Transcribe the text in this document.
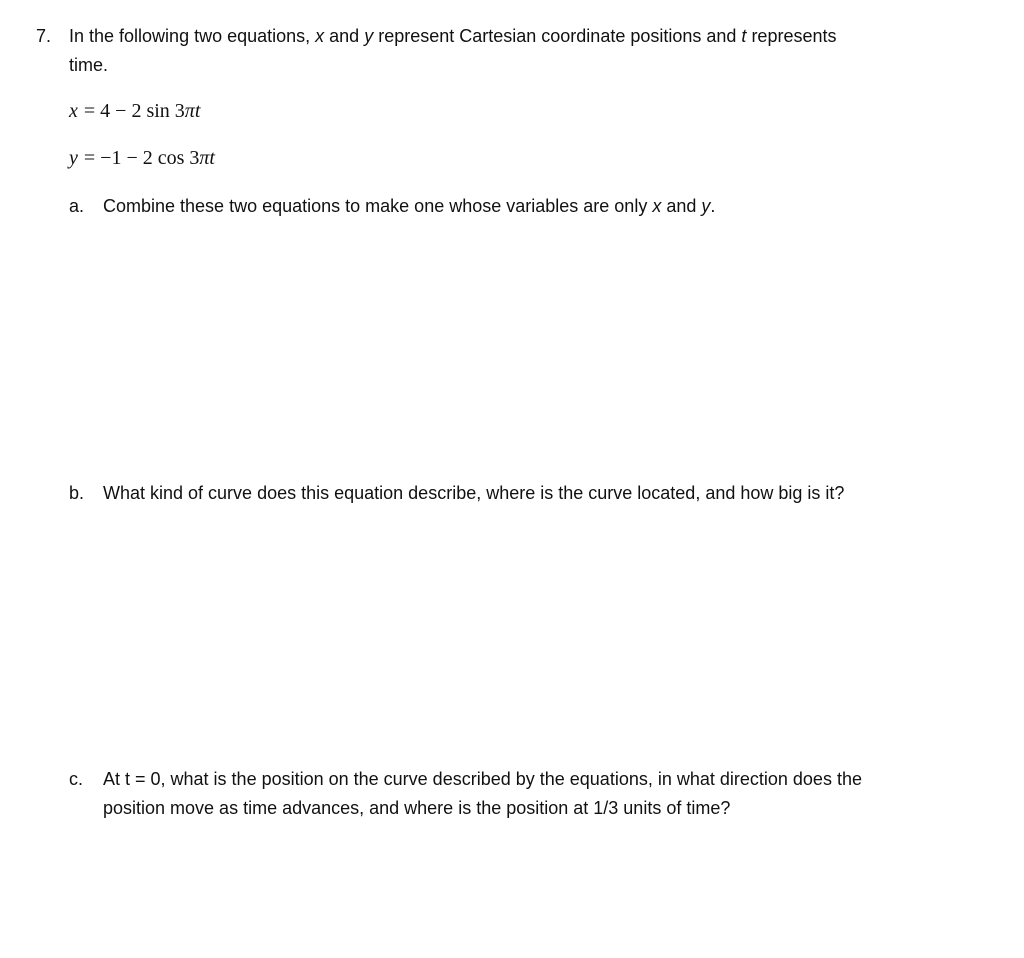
7. In the following two equations, x and y represent Cartesian coordinate positions and t represents
time.
x = 4 − 2 sin 3πt
y = −1 − 2 cos 3πt
a. Combine these two equations to make one whose variables are only x and y.
b. What kind of curve does this equation describe, where is the curve located, and how big is it?
c. At t = 0, what is the position on the curve described by the equations, in what direction does the
position move as time advances, and where is the position at 1/3 units of time?
